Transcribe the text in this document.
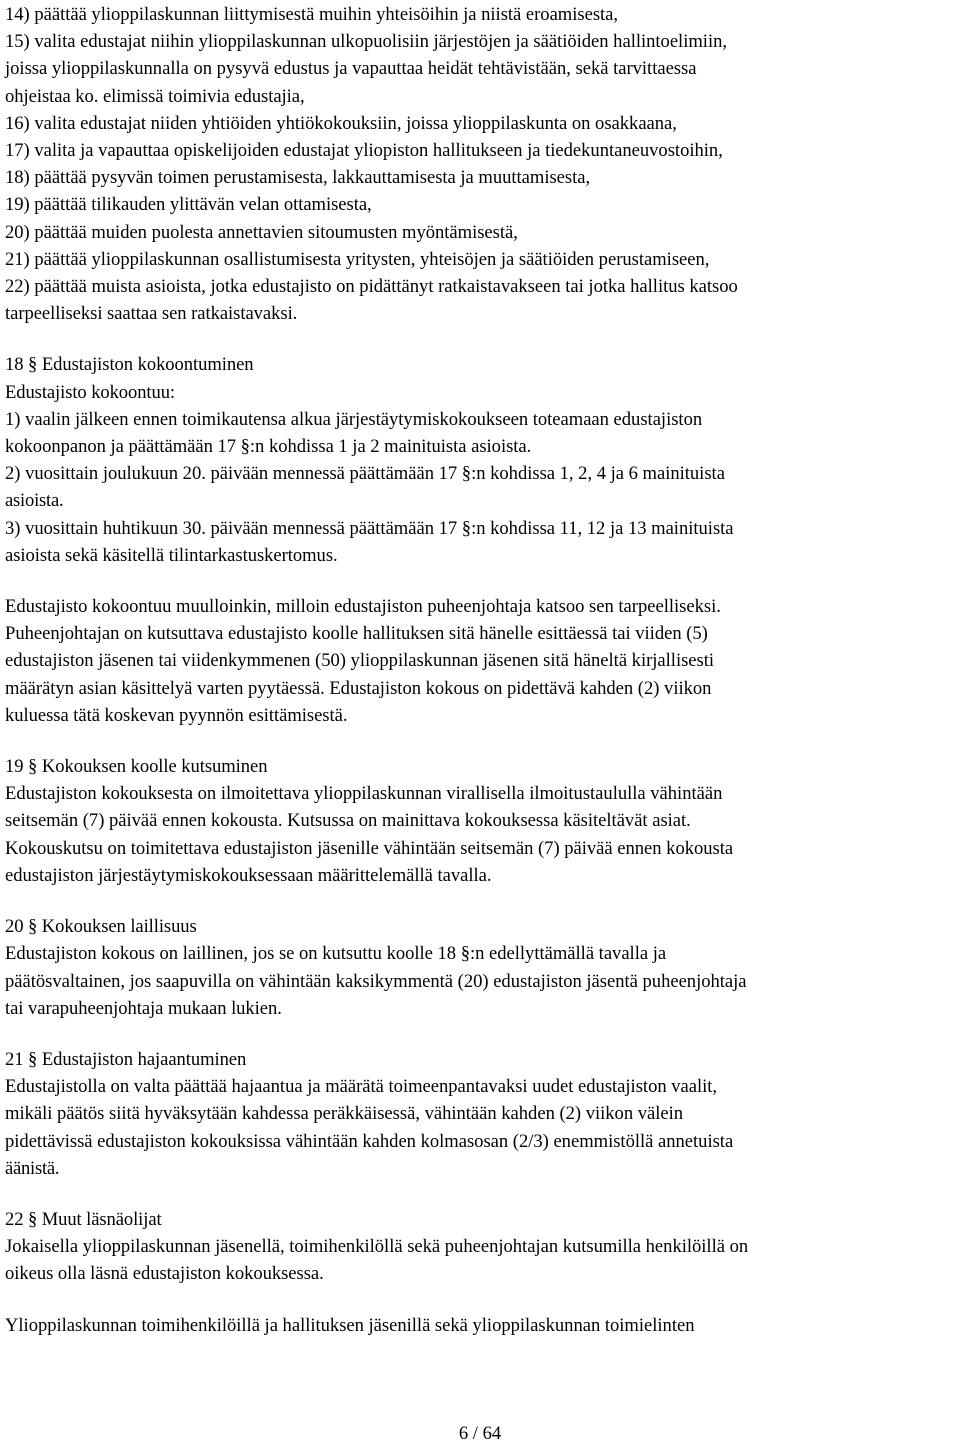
14) päättää ylioppilaskunnan liittymisestä muihin yhteisöihin ja niistä eroamisesta,
15) valita edustajat niihin ylioppilaskunnan ulkopuolisiin järjestöjen ja säätiöiden hallintoelimiin,
joissa ylioppilaskunnalla on pysyvä edustus ja vapauttaa heidät tehtävistään, sekä tarvittaessa
ohjeistaa ko. elimissä toimivia edustajia,
16) valita edustajat niiden yhtiöiden yhtiökokouksiin, joissa ylioppilaskunta on osakkaana,
17) valita ja vapauttaa opiskelijoiden edustajat yliopiston hallitukseen ja tiedekuntaneuvostoihin,
18) päättää pysyvän toimen perustamisesta, lakkauttamisesta ja muuttamisesta,
19) päättää tilikauden ylittävän velan ottamisesta,
20) päättää muiden puolesta annettavien sitoumusten myöntämisestä,
21) päättää ylioppilaskunnan osallistumisesta yritysten, yhteisöjen ja säätiöiden perustamiseen,
22) päättää muista asioista, jotka edustajisto on pidättänyt ratkaistavakseen tai jotka hallitus katsoo
tarpeelliseksi saattaa sen ratkaistavaksi.
18 § Edustajiston kokoontuminen
Edustajisto kokoontuu:
1) vaalin jälkeen ennen toimikautensa alkua järjestäytymiskokoukseen toteamaan edustajiston
kokoonpanon ja päättämään 17 §:n kohdissa 1 ja 2 mainituista asioista.
2) vuosittain joulukuun 20. päivään mennessä päättämään 17 §:n kohdissa 1, 2, 4 ja 6 mainituista
asioista.
3) vuosittain huhtikuun 30. päivään mennessä päättämään 17 §:n kohdissa 11, 12 ja 13 mainituista
asioista sekä käsitellä tilintarkastuskertomus.
Edustajisto kokoontuu muulloinkin, milloin edustajiston puheenjohtaja katsoo sen tarpeelliseksi.
Puheenjohtajan on kutsuttava edustajisto koolle hallituksen sitä hänelle esittäessä tai viiden (5)
edustajiston jäsenen tai viidenkymmenen (50) ylioppilaskunnan jäsenen sitä häneltä kirjallisesti
määrätyn asian käsittelyä varten pyytäessä. Edustajiston kokous on pidettävä kahden (2) viikon
kuluessa tätä koskevan pyynnön esittämisestä.
19 § Kokouksen koolle kutsuminen
Edustajiston kokouksesta on ilmoitettava ylioppilaskunnan virallisella ilmoitustaululla vähintään
seitsemän (7) päivää ennen kokousta. Kutsussa on mainittava kokouksessa käsiteltävät asiat.
Kokouskutsu on toimitettava edustajiston jäsenille vähintään seitsemän (7) päivää ennen kokousta
edustajiston järjestäytymiskokouksessaan määrittelemällä tavalla.
20 § Kokouksen laillisuus
Edustajiston kokous on laillinen, jos se on kutsuttu koolle 18 §:n edellyttämällä tavalla ja
päätösvaltainen, jos saapuvilla on vähintään kaksikymmentä (20) edustajiston jäsentä puheenjohtaja
tai varapuheenjohtaja mukaan lukien.
21 § Edustajiston hajaantuminen
Edustajistolla on valta päättää hajaantua ja määrätä toimeenpantavaksi uudet edustajiston vaalit,
mikäli päätös siitä hyväksytään kahdessa peräkkäisessä, vähintään kahden (2) viikon välein
pidettävissä edustajiston kokouksissa vähintään kahden kolmasosan (2/3) enemmistöllä annetuista
äänistä.
22 § Muut läsnäolijat
Jokaisella ylioppilaskunnan jäsenellä, toimihenkilöllä sekä puheenjohtajan kutsumilla henkilöillä on
oikeus olla läsnä edustajiston kokouksessa.
Ylioppilaskunnan toimihenkilöillä ja hallituksen jäsenillä sekä ylioppilaskunnan toimielinten
6 / 64
